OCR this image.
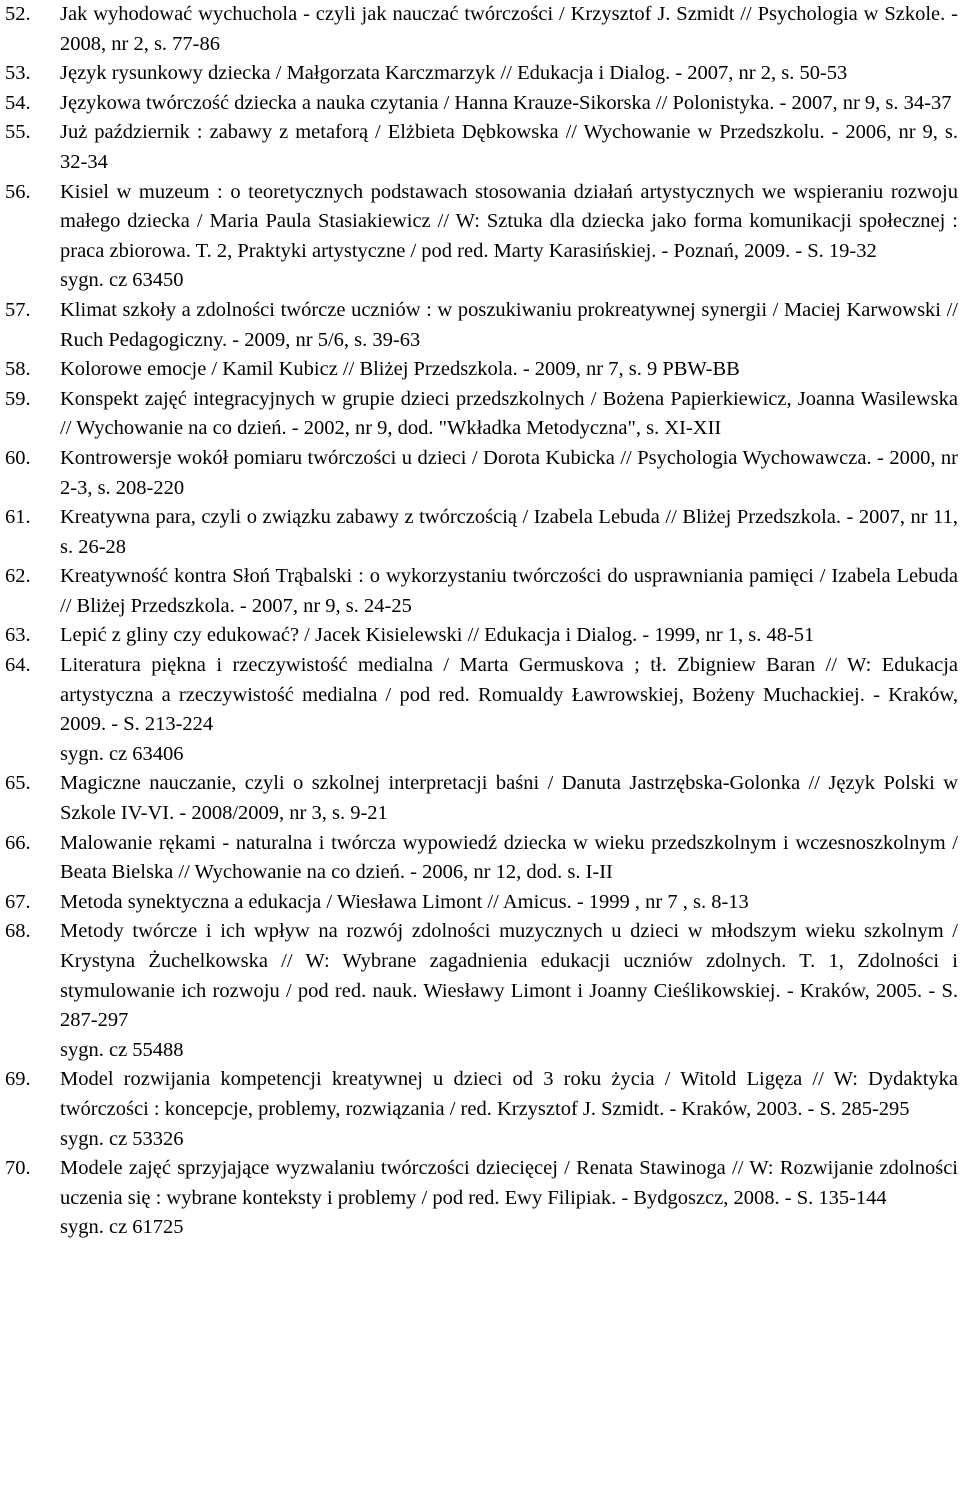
52. Jak wyhodować wychuchola - czyli jak nauczać twórczości / Krzysztof J. Szmidt // Psychologia w Szkole. - 2008, nr 2, s. 77-86
53. Język rysunkowy dziecka / Małgorzata Karczmarzyk // Edukacja i Dialog. - 2007, nr 2, s. 50-53
54. Językowa twórczość dziecka a nauka czytania / Hanna Krauze-Sikorska // Polonistyka. - 2007, nr 9, s. 34-37
55. Już październik : zabawy z metaforą / Elżbieta Dębkowska // Wychowanie w Przedszkolu. - 2006, nr 9, s. 32-34
56. Kisiel w muzeum : o teoretycznych podstawach stosowania działań artystycznych we wspieraniu rozwoju małego dziecka / Maria Paula Stasiakiewicz // W: Sztuka dla dziecka jako forma komunikacji społecznej : praca zbiorowa. T. 2, Praktyki artystyczne / pod red. Marty Karasińskiej. - Poznań, 2009. - S. 19-32
sygn. cz 63450
57. Klimat szkoły a zdolności twórcze uczniów : w poszukiwaniu prokreatywnej synergii / Maciej Karwowski // Ruch Pedagogiczny. - 2009, nr 5/6, s. 39-63
58. Kolorowe emocje / Kamil Kubicz // Bliżej Przedszkola. - 2009, nr 7, s. 9 PBW-BB
59. Konspekt zajęć integracyjnych w grupie dzieci przedszkolnych / Bożena Papierkiewicz, Joanna Wasilewska // Wychowanie na co dzień. - 2002, nr 9, dod. "Wkładka Metodyczna", s. XI-XII
60. Kontrowersje wokół pomiaru twórczości u dzieci / Dorota Kubicka // Psychologia Wychowawcza. - 2000, nr 2-3, s. 208-220
61. Kreatywna para, czyli o związku zabawy z twórczością / Izabela Lebuda // Bliżej Przedszkola. - 2007, nr 11, s. 26-28
62. Kreatywność kontra Słoń Trąbalski : o wykorzystaniu twórczości do usprawniania pamięci / Izabela Lebuda // Bliżej Przedszkola. - 2007, nr 9, s. 24-25
63. Lepić z gliny czy edukować? / Jacek Kisielewski // Edukacja i Dialog. - 1999, nr 1, s. 48-51
64. Literatura piękna i rzeczywistość medialna / Marta Germuskova ; tł. Zbigniew Baran // W: Edukacja artystyczna a rzeczywistość medialna / pod red. Romualdy Ławrowskiej, Bożeny Muchackiej. - Kraków, 2009. - S. 213-224
sygn. cz 63406
65. Magiczne nauczanie, czyli o szkolnej interpretacji baśni / Danuta Jastrzębska-Golonka // Język Polski w Szkole IV-VI. - 2008/2009, nr 3, s. 9-21
66. Malowanie rękami - naturalna i twórcza wypowiedź dziecka w wieku przedszkolnym i wczesnoszkolnym / Beata Bielska // Wychowanie na co dzień. - 2006, nr 12, dod. s. I-II
67. Metoda synektyczna a edukacja / Wiesława Limont // Amicus. - 1999 , nr 7 , s. 8-13
68. Metody twórcze i ich wpływ na rozwój zdolności muzycznych u dzieci w młodszym wieku szkolnym / Krystyna Żuchelkowska // W: Wybrane zagadnienia edukacji uczniów zdolnych. T. 1, Zdolności i stymulowanie ich rozwoju / pod red. nauk. Wiesławy Limont i Joanny Cieślikowskiej. - Kraków, 2005. - S. 287-297
sygn. cz 55488
69. Model rozwijania kompetencji kreatywnej u dzieci od 3 roku życia / Witold Ligęza // W: Dydaktyka twórczości : koncepcje, problemy, rozwiązania / red. Krzysztof J. Szmidt. - Kraków, 2003. - S. 285-295
sygn. cz 53326
70. Modele zajęć sprzyjające wyzwalaniu twórczości dziecięcej / Renata Stawinoga // W: Rozwijanie zdolności uczenia się : wybrane konteksty i problemy / pod red. Ewy Filipiak. - Bydgoszcz, 2008. - S. 135-144
sygn. cz 61725
